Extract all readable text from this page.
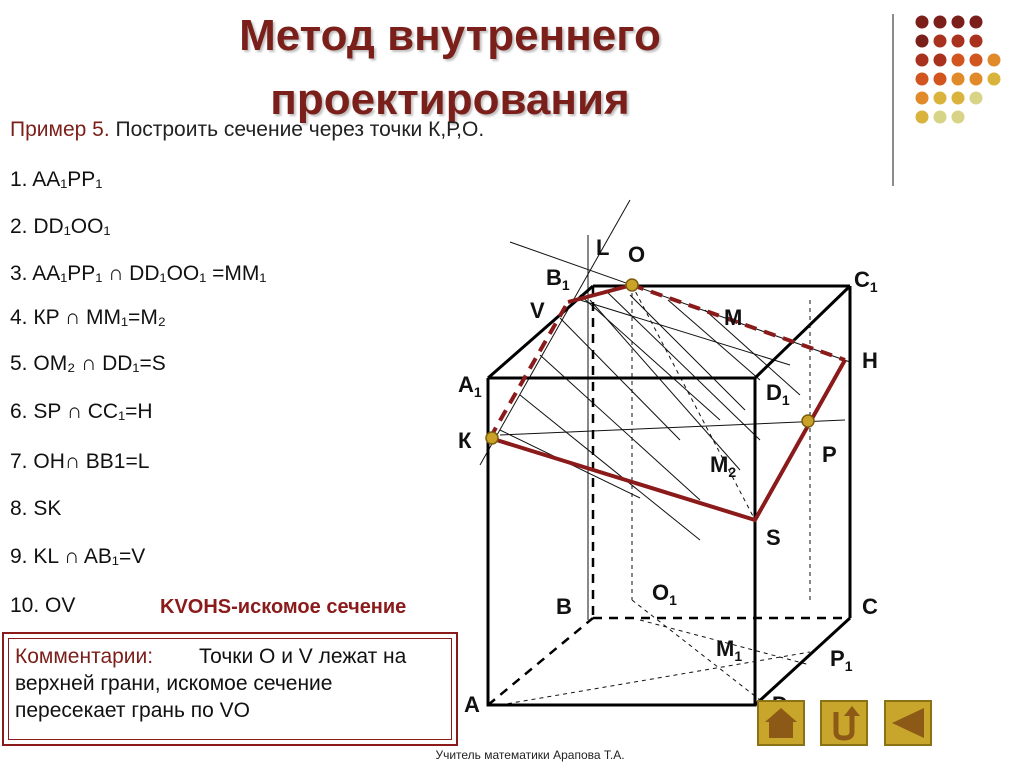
Метод внутреннего
проектирования
Пример 5. Построить сечение через точки К,Р,О.
1. AA₁PP₁
2. DD₁OO₁
3. AA₁PP₁ ∩ DD₁OO₁ =MM₁
4. КP ∩ MM₁=M₂
5. OM₂ ∩ DD₁=S
6. SP ∩ CC₁=H
7. OH∩ BB1=L
8. SK
9. KL ∩ AB₁=V
10. OV	KVOHS-искомое сечение
Комментарии: Точки О и V лежат на верхней грани, искомое сечение пересекает грань по VO
L O
$B_1$	$C_1$
V	M
H
$A_1$	$D_1$
К
P
$M_2$
S
$O_1$
B	C
$M_1$	$P_1$
A
Учитель математики Арапова Т.А.
